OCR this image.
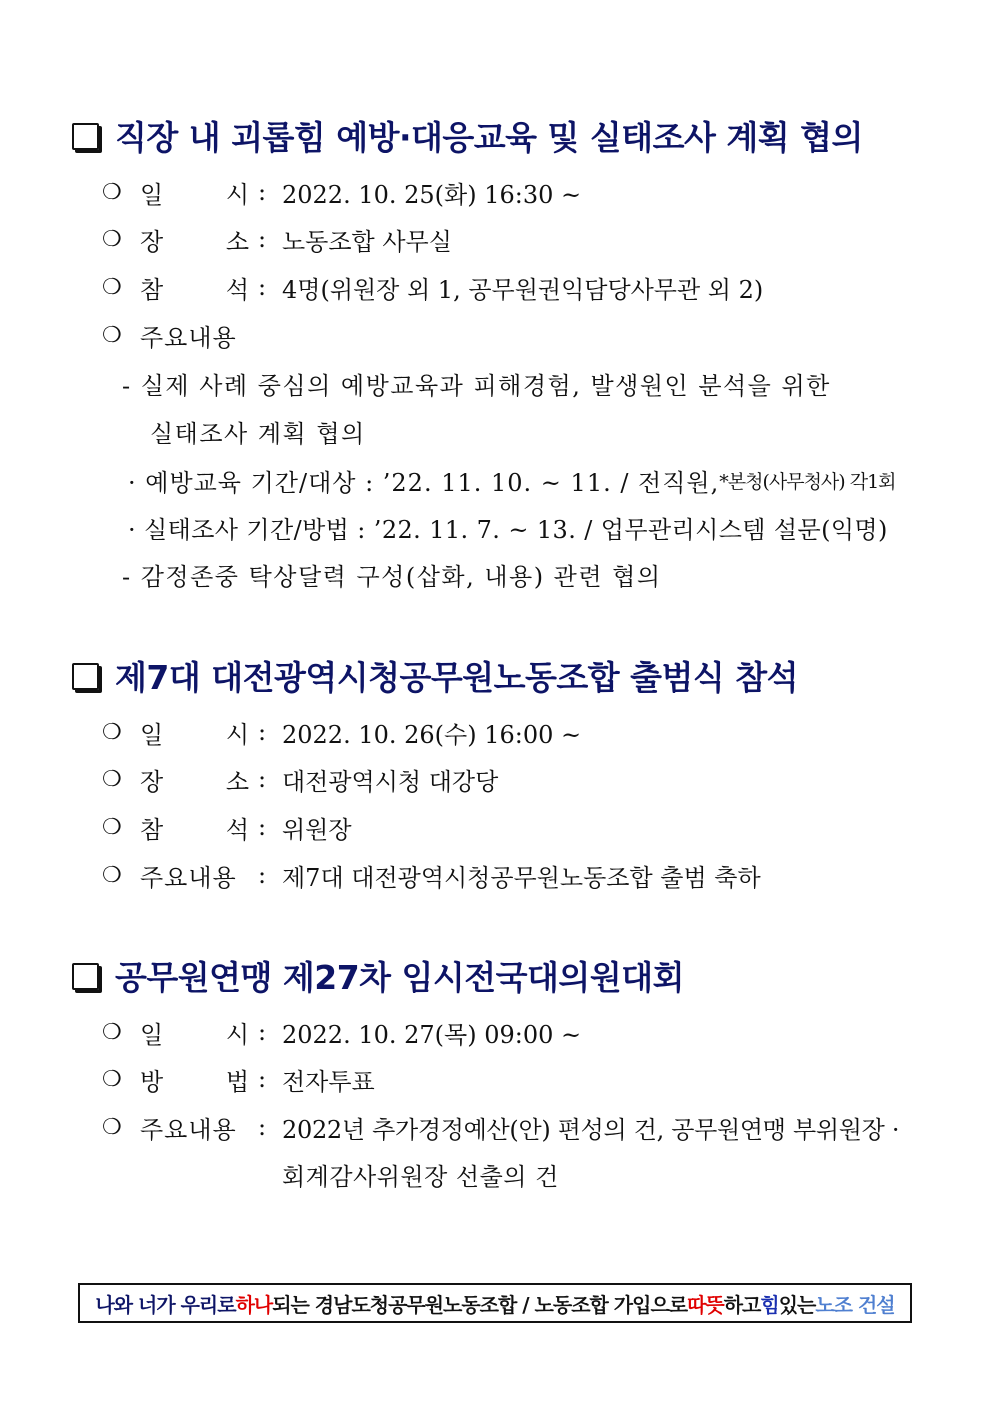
직장 내 괴롭힘 예방·대응교육 및 실태조사 계획 협의
❍ 일	시 : 2022. 10. 25(화) 16:30 ~
❍ 장	소 : 노동조합 사무실
❍ 참	석 : 4명(위원장 외 1, 공무원권익담당사무관 외 2)
❍ 주요내용
- 실제 사례 중심의 예방교육과 피해경험, 발생원인 분석을 위한
실태조사 계획 협의
· 예방교육 기간/대상 : ’22. 11. 10. ~ 11. / 전직원, *본청(사무청사) 각1회
· 실태조사 기간/방법 : ’22. 11. 7. ~ 13. / 업무관리시스템 설문(익명)
- 감정존중 탁상달력 구성(삽화, 내용) 관련 협의
제7대 대전광역시청공무원노동조합 출범식 참석
❍ 일	시 : 2022. 10. 26(수) 16:00 ~
❍ 장	소 : 대전광역시청 대강당
❍ 참	석 : 위원장
❍ 주요내용 : 제7대 대전광역시청공무원노동조합 출범 축하
공무원연맹 제27차 임시전국대의원대회
❍ 일	시 : 2022. 10. 27(목) 09:00 ~
❍ 방	법 : 전자투표
❍ 주요내용 : 2022년 추가경정예산(안) 편성의 건, 공무원연맹 부위원장 ·
회계감사위원장 선출의 건
나와 너가 우리로 하나 되는 경남도청공무원노동조합 / 노동조합 가입으로 따뜻 하고 힘 있는 노조 건설
